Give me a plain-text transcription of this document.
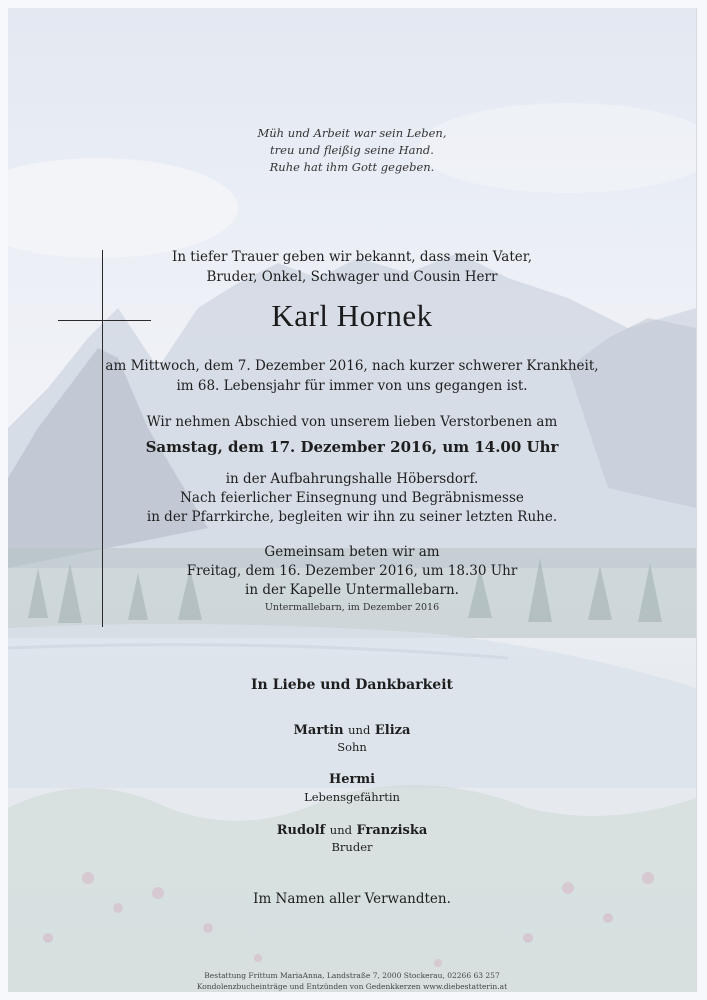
Müh und Arbeit war sein Leben,
treu und fleißig seine Hand.
Ruhe hat ihm Gott gegeben.
In tiefer Trauer geben wir bekannt, dass mein Vater,
Bruder, Onkel, Schwager und Cousin Herr
Karl Hornek
am Mittwoch, dem 7. Dezember 2016, nach kurzer schwerer Krankheit,
im 68. Lebensjahr für immer von uns gegangen ist.
Wir nehmen Abschied von unserem lieben Verstorbenen am
Samstag, dem 17. Dezember 2016, um 14.00 Uhr
in der Aufbahrungshalle Höbersdorf.
Nach feierlicher Einsegnung und Begräbnismesse
in der Pfarrkirche, begleiten wir ihn zu seiner letzten Ruhe.
Gemeinsam beten wir am
Freitag, dem 16. Dezember 2016, um 18.30 Uhr
in der Kapelle Untermallebarn.
Untermallebarn, im Dezember 2016
In Liebe und Dankbarkeit
Martin und Eliza
Sohn
Hermi
Lebensgefährtin
Rudolf und Franziska
Bruder
Im Namen aller Verwandten.
Bestattung Frittum MariaAnna, Landstraße 7, 2000 Stockerau, 02266 63 257
Kondolenzbucheinträge und Entzünden von Gedenkkerzen www.diebestatterin.at
